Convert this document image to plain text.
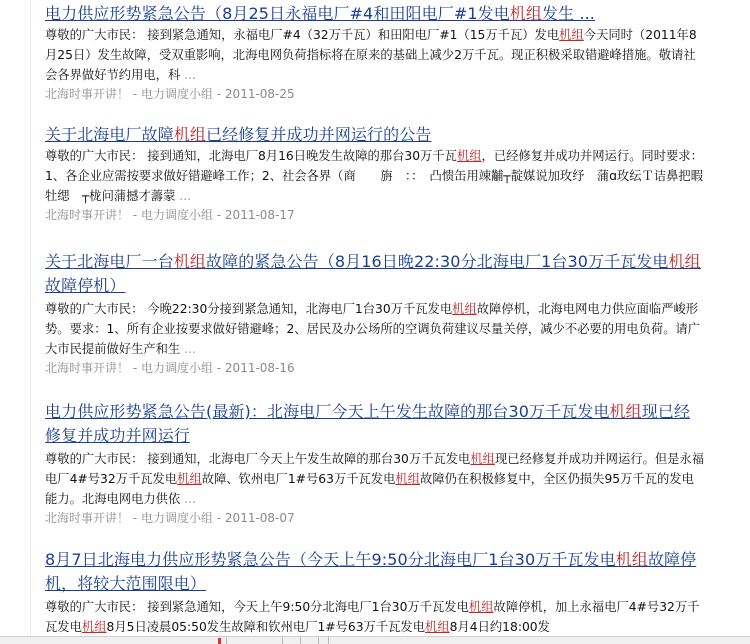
电力供应形势紧急公告（8月25日永福电厂#4和田阳电厂#1发电机组发生 ...
尊敬的广大市民： 接到紧急通知，永福电厂#4（32万千瓦）和田阳电厂#1（15万千瓦）发电机组今天同时（2011年8月25日）发生故障，受双重影响，北海电网负荷指标将在原来的基础上减少2万千瓦。现正积极采取错避峰措施。敬请社会各界做好节约用电，科 ...
北海时事开讲！ - 电力调度小组 - 2011-08-25
关于北海电厂故障机组已经修复并成功并网运行的公告
尊敬的广大市民： 接到通知，北海电厂8月16日晚发生故障的那台30万千瓦机组，已经修复并成功并网运行。同时要求：1、各企业应需按要求做好错避峰工作；2、社会各界（商　　旃　：：　凸愦缶用竦黼┬靛媒说加玫纾　蒲ɑ玫纭Ｔ诘鼻把暇　牡缌　┬栊问蒲撼才薵蒙 ...
北海时事开讲！ - 电力调度小组 - 2011-08-17
关于北海电厂一台机组故障的紧急公告（8月16日晚22:30分北海电厂1台30万千瓦发电机组故障停机）
尊敬的广大市民： 今晚22:30分接到紧急通知，北海电厂1台30万千瓦发电机组故障停机，北海电网电力供应面临严峻形势。要求：1、所有企业按要求做好错避峰；2、居民及办公场所的空调负荷建议尽量关停，减少不必要的用电负荷。请广大市民提前做好生产和生 ...
北海时事开讲！ - 电力调度小组 - 2011-08-16
电力供应形势紧急公告(最新)：北海电厂今天上午发生故障的那台30万千瓦发电机组现已经修复并成功并网运行
尊敬的广大市民： 接到通知，北海电厂今天上午发生故障的那台30万千瓦发电机组现已经修复并成功并网运行。但是永福电厂4#号32万千瓦发电机组故障、钦州电厂1#号63万千瓦发电机组故障仍在积极修复中，全区仍损失95万千瓦的发电能力。北海电网电力供依 ...
北海时事开讲！ - 电力调度小组 - 2011-08-07
8月7日北海电力供应形势紧急公告（今天上午9:50分北海电厂1台30万千瓦发电机组故障停机，将较大范围限电）
尊敬的广大市民： 接到紧急通知，今天上午9:50分北海电厂1台30万千瓦发电机组故障停机，加上永福电厂4#号32万千瓦发电机组8月5日凌晨05:50发生故障和钦州电厂1#号63万千瓦发电机组8月4日约18:00发
